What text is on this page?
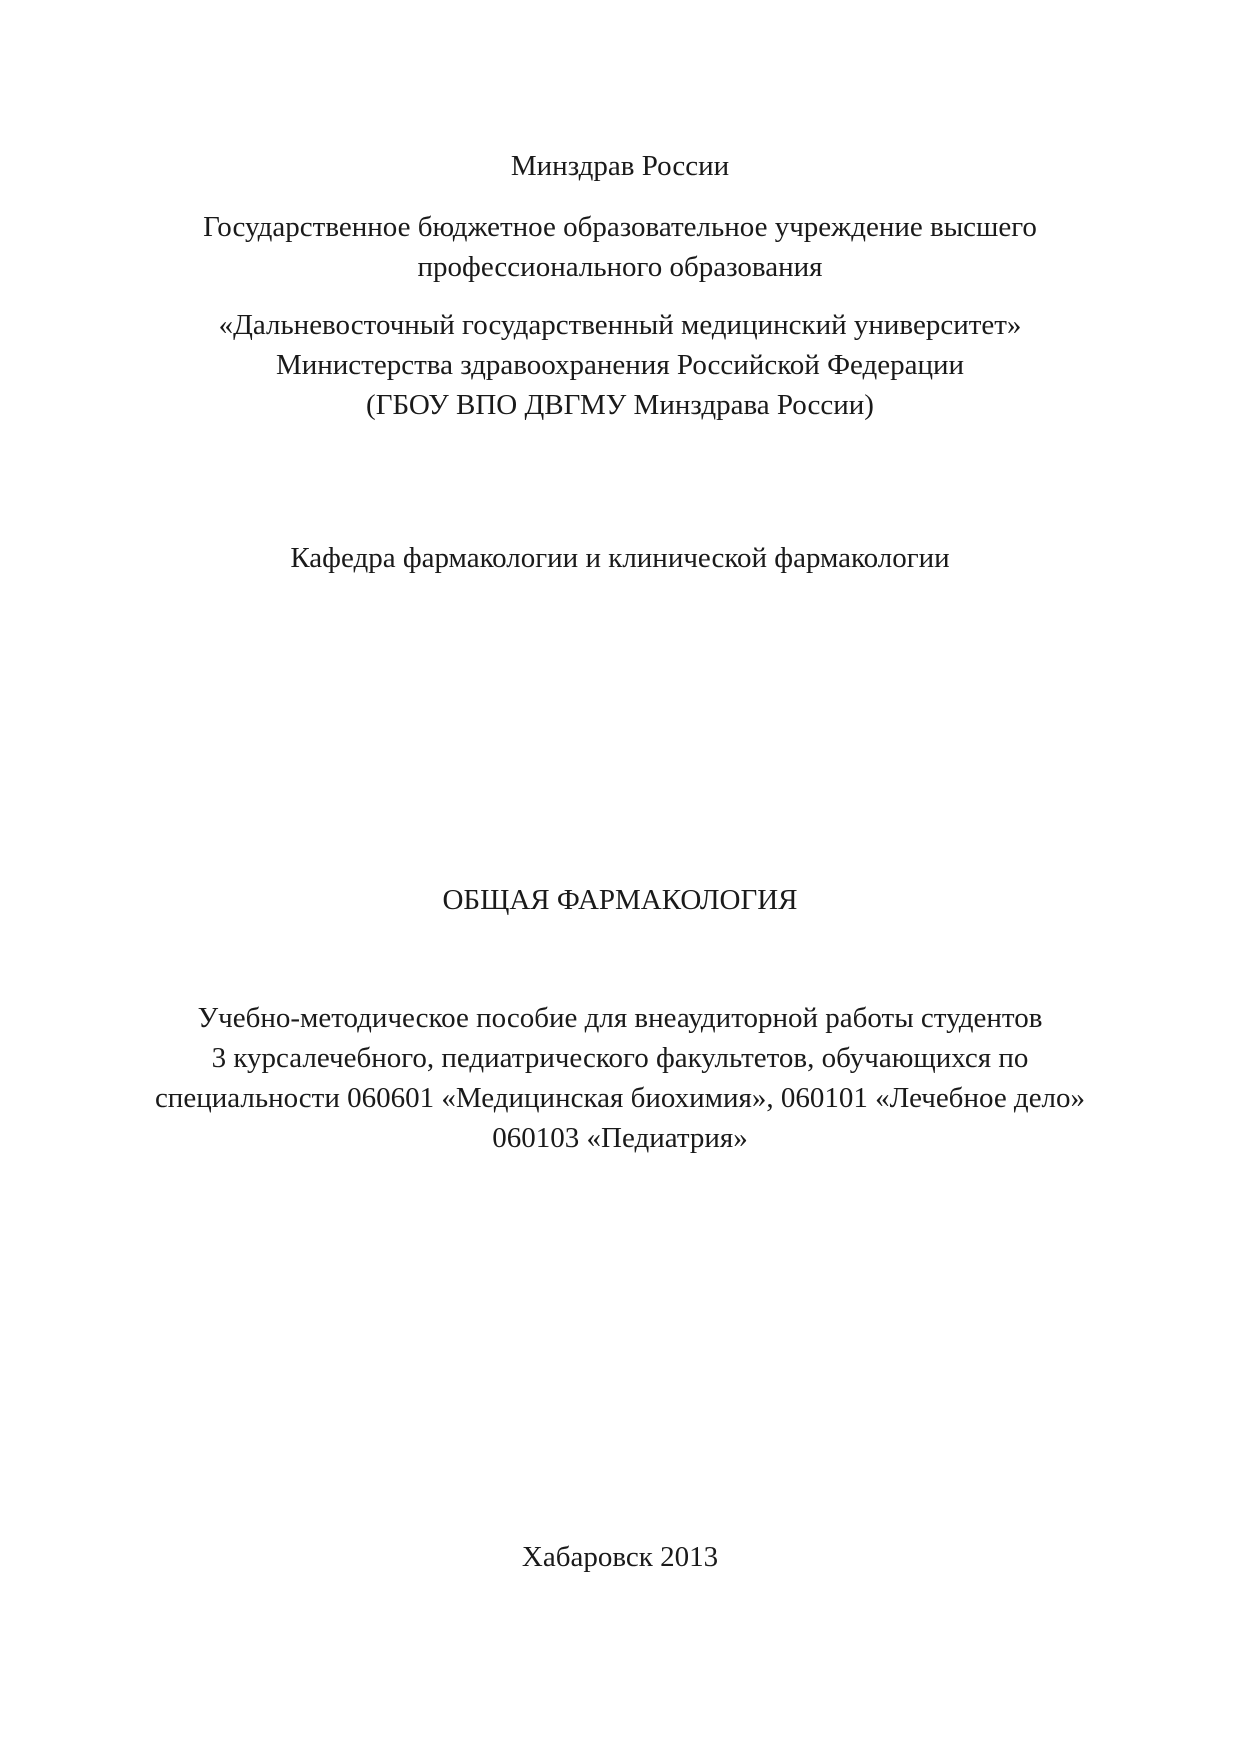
Минздрав России
Государственное бюджетное образовательное учреждение высшего
профессионального образования
«Дальневосточный государственный медицинский университет»
Министерства здравоохранения Российской Федерации
(ГБОУ ВПО ДВГМУ Минздрава России)
Кафедра фармакологии и клинической фармакологии
ОБЩАЯ ФАРМАКОЛОГИЯ
Учебно-методическое пособие для внеаудиторной работы студентов
3 курсалечебного, педиатрического факультетов, обучающихся по
специальности 060601 «Медицинская биохимия», 060101 «Лечебное дело»
060103 «Педиатрия»
Хабаровск 2013
